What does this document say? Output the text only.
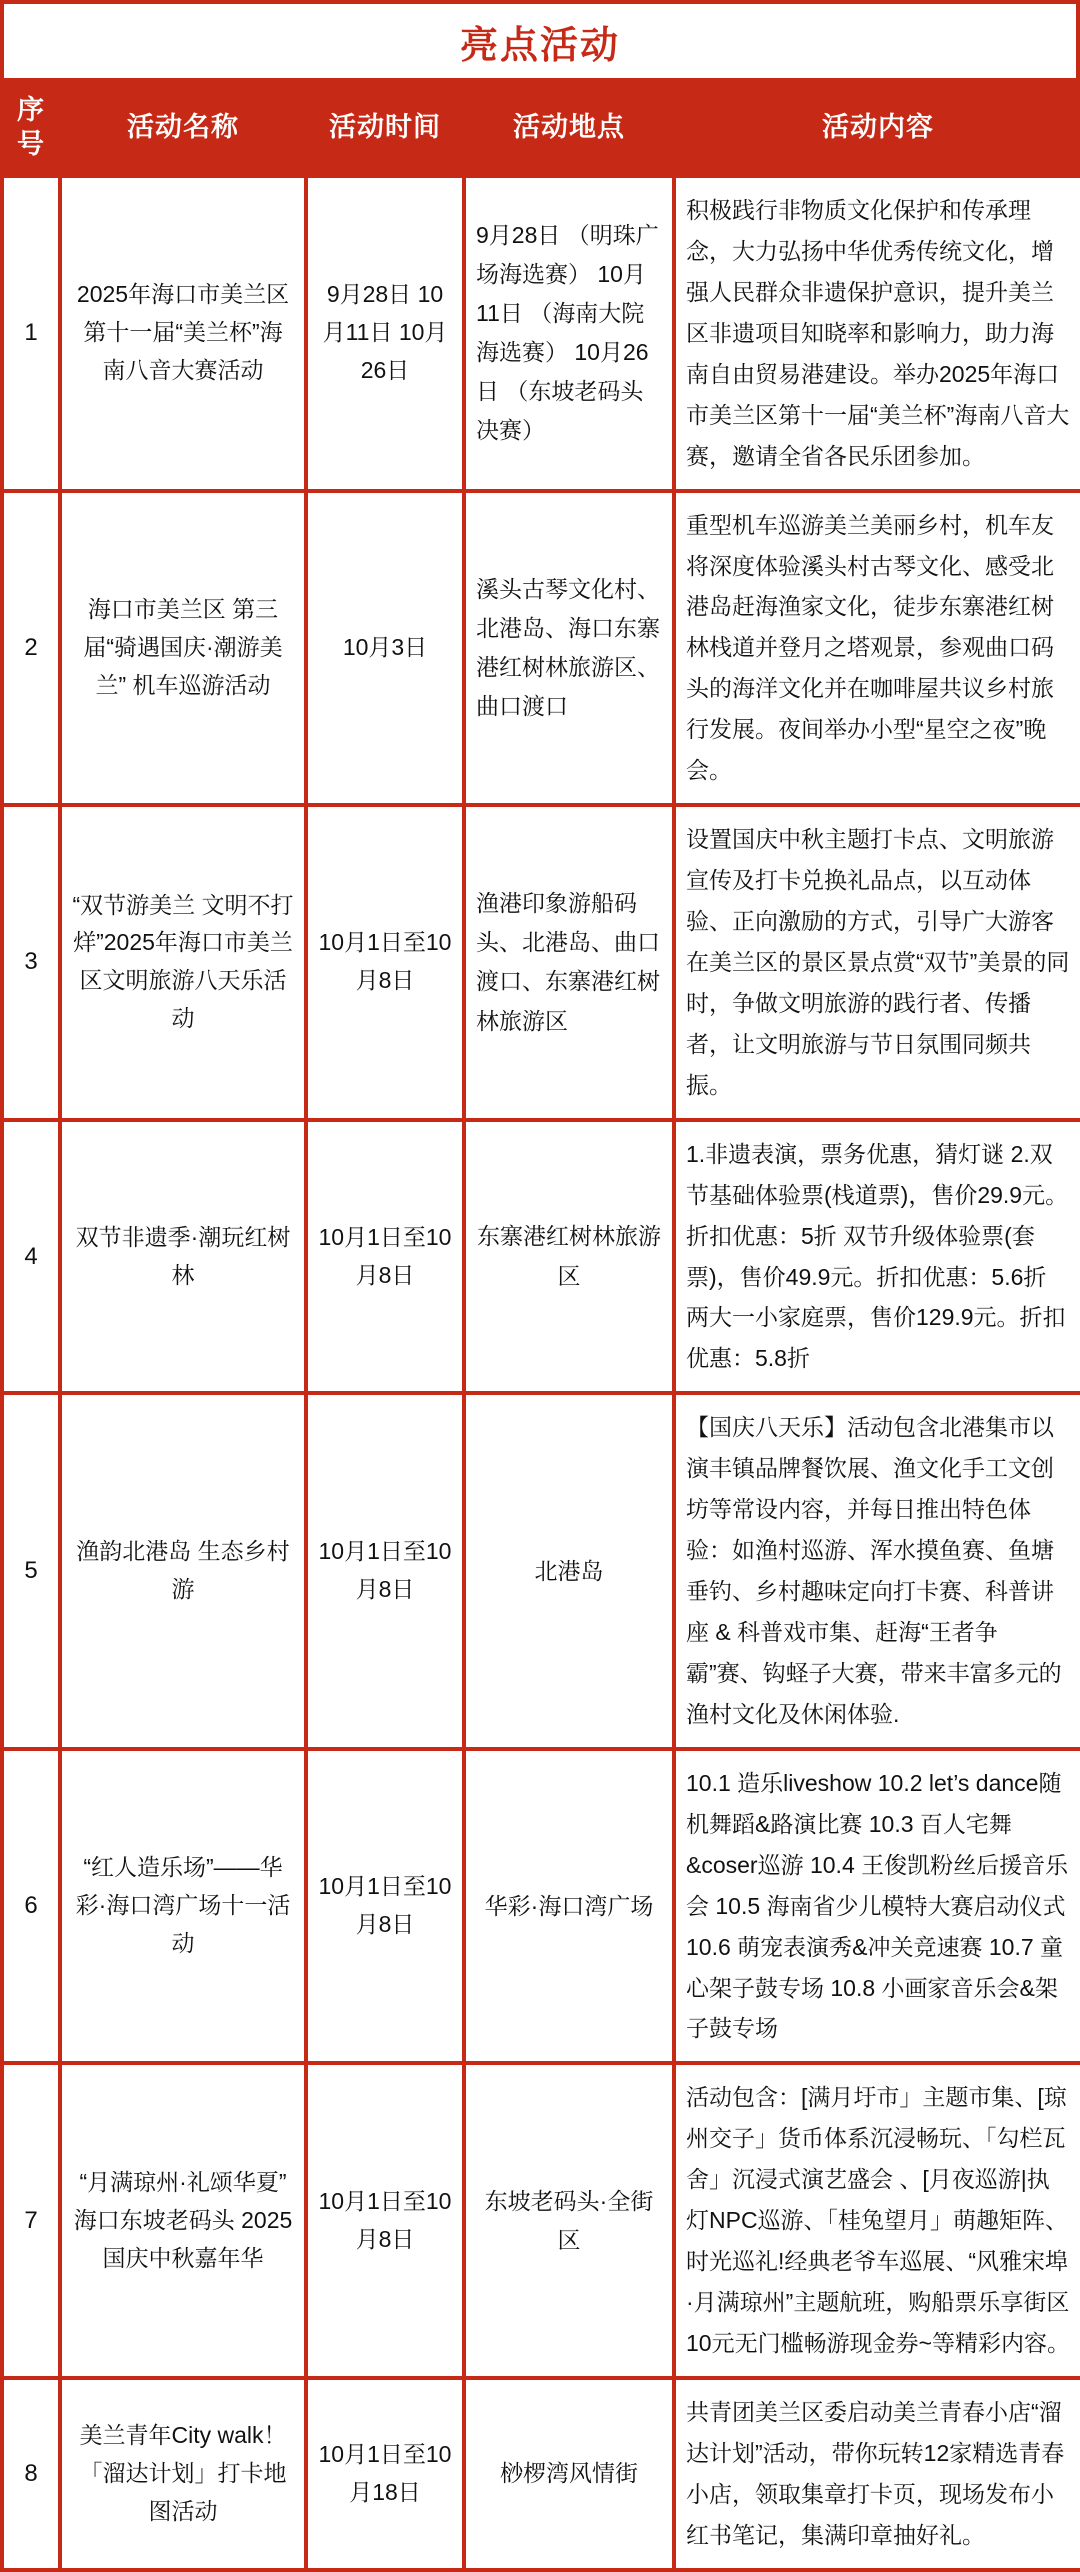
亮点活动
序号	活动名称	活动时间	活动地点	活动内容
1	2025年海口市美兰区第十一届“美兰杯”海南八音大赛活动	9月28日 10月11日 10月26日	9月28日 （明珠广场海选赛） 10月11日 （海南大院海选赛） 10月26日 （东坡老码头决赛）	积极践行非物质文化保护和传承理念，大力弘扬中华优秀传统文化，增强人民群众非遗保护意识，提升美兰区非遗项目知晓率和影响力，助力海南自由贸易港建设。举办2025年海口市美兰区第十一届“美兰杯”海南八音大赛，邀请全省各民乐团参加。
2	海口市美兰区 第三届“骑遇国庆·潮游美兰” 机车巡游活动	10月3日	溪头古琴文化村、北港岛、海口东寨港红树林旅游区、 曲口渡口	重型机车巡游美兰美丽乡村，机车友将深度体验溪头村古琴文化、感受北港岛赶海渔家文化，徒步东寨港红树林栈道并登月之塔观景，参观曲口码头的海洋文化并在咖啡屋共议乡村旅行发展。夜间举办小型“星空之夜”晚会。
3	“双节游美兰 文明不打烊”2025年海口市美兰区文明旅游八天乐活动	10月1日至10月8日	渔港印象游船码头、北港岛、曲口渡口、东寨港红树林旅游区	设置国庆中秋主题打卡点、文明旅游宣传及打卡兑换礼品点，以互动体验、正向激励的方式，引导广大游客在美兰区的景区景点赏“双节”美景的同时，争做文明旅游的践行者、传播者，让文明旅游与节日氛围同频共振。
4	双节非遗季·潮玩红树林	10月1日至10月8日	东寨港红树林旅游区	1.非遗表演，票务优惠，猜灯谜 2.双节基础体验票(栈道票)，售价29.9元。折扣优惠：5折 双节升级体验票(套票)，售价49.9元。折扣优惠：5.6折 两大一小家庭票，售价129.9元。折扣优惠：5.8折
5	渔韵北港岛 生态乡村游	10月1日至10月8日	北港岛	【国庆八天乐】活动包含北港集市以演丰镇品牌餐饮展、渔文化手工文创坊等常设内容，并每日推出特色体验：如渔村巡游、浑水摸鱼赛、鱼塘垂钓、乡村趣味定向打卡赛、科普讲座 & 科普戏市集、赶海“王者争霸”赛、钩蛏子大赛，带来丰富多元的渔村文化及休闲体验.
6	“红人造乐场”——华彩·海口湾广场十一活动	10月1日至10月8日	华彩·海口湾广场	10.1 造乐liveshow 10.2 let’s dance随机舞蹈&路演比赛 10.3 百人宅舞&coser巡游 10.4 王俊凯粉丝后援音乐会 10.5 海南省少儿模特大赛启动仪式 10.6 萌宠表演秀&冲关竞速赛 10.7 童心架子鼓专场 10.8 小画家音乐会&架子鼓专场
7	“月满琼州·礼颂华夏” 海口东坡老码头 2025国庆中秋嘉年华	10月1日至10月8日	东坡老码头·全街区	活动包含：[满月圩市」主题市集、[琼州交子」货币体系沉浸畅玩、「勾栏瓦舍」沉浸式演艺盛会 、[月夜巡游|执灯NPC巡游、「桂兔望月」萌趣矩阵、时光巡礼!经典老爷车巡展、“风雅宋埠·月满琼州”主题航班，购船票乐享街区10元无门槛畅游现金券~等精彩内容。
8	美兰青年City walk！「溜达计划」打卡地图活动	10月1日至10月18日	桫椤湾风情街	共青团美兰区委启动美兰青春小店“溜达计划”活动，带你玩转12家精选青春小店，领取集章打卡页，现场发布小红书笔记，集满印章抽好礼。
